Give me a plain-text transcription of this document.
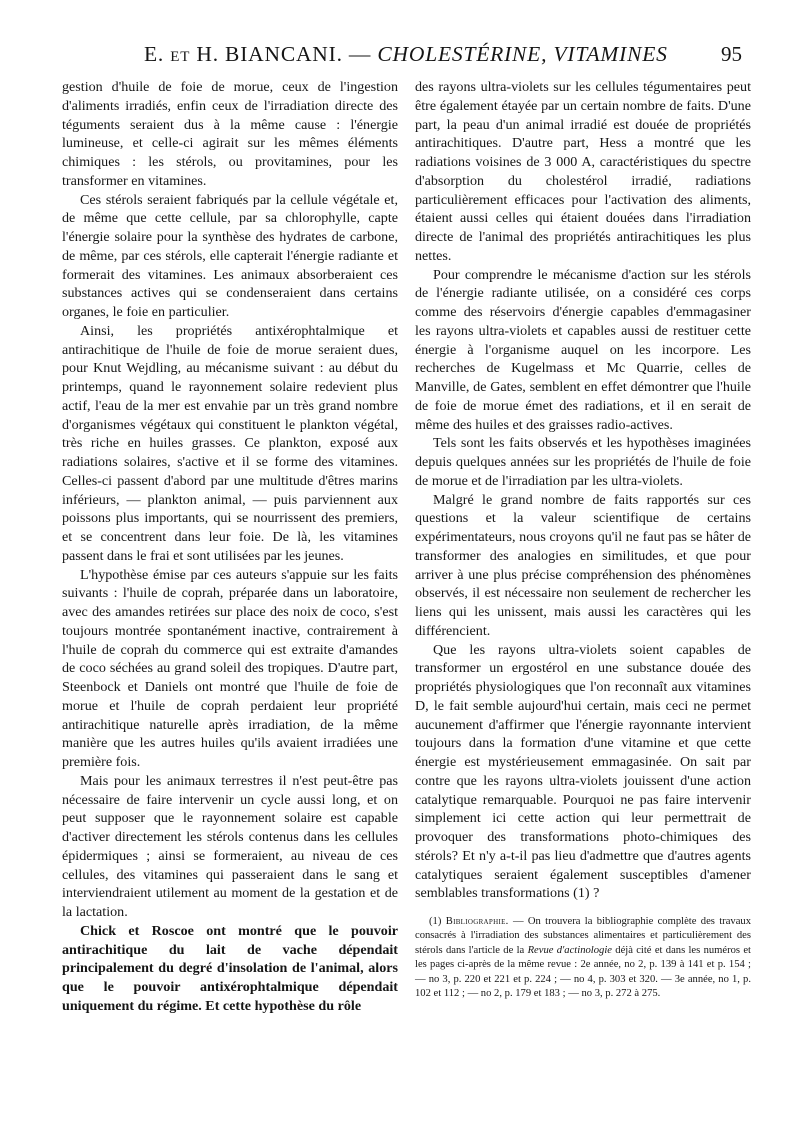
E. et H. BIANCANI. — CHOLESTÉRINE, VITAMINES	95

gestion d'huile de foie de morue, ceux de l'ingestion d'aliments irradiés, enfin ceux de l'irradiation directe des téguments seraient dus à la même cause : l'énergie lumineuse, et celle-ci agirait sur les mêmes éléments chimiques : les stérols, ou provitamines, pour les transformer en vitamines.

Ces stérols seraient fabriqués par la cellule végétale et, de même que cette cellule, par sa chlorophylle, capte l'énergie solaire pour la synthèse des hydrates de carbone, de même, par ces stérols, elle capterait l'énergie radiante et formerait des vitamines. Les animaux absorberaient ces substances actives qui se condenseraient dans certains organes, le foie en particulier.

Ainsi, les propriétés antixérophtalmique et antirachitique de l'huile de foie de morue seraient dues, pour Knut Wejdling, au mécanisme suivant : au début du printemps, quand le rayonnement solaire redevient plus actif, l'eau de la mer est envahie par un très grand nombre d'organismes végétaux qui constituent le plankton végétal, très riche en huiles grasses. Ce plankton, exposé aux radiations solaires, s'active et il se forme des vitamines. Celles-ci passent d'abord par une multitude d'êtres marins inférieurs, — plankton animal, — puis parviennent aux poissons plus importants, qui se nourrissent des premiers, et se concentrent dans leur foie. De là, les vitamines passent dans le frai et sont utilisées par les jeunes.

L'hypothèse émise par ces auteurs s'appuie sur les faits suivants : l'huile de coprah, préparée dans un laboratoire, avec des amandes retirées sur place des noix de coco, s'est toujours montrée spontanément inactive, contrairement à l'huile de coprah du commerce qui est extraite d'amandes de coco séchées au grand soleil des tropiques. D'autre part, Steenbock et Daniels ont montré que l'huile de foie de morue et l'huile de coprah perdaient leur propriété antirachitique naturelle après irradiation, de la même manière que les autres huiles qu'ils avaient irradiées une première fois.

Mais pour les animaux terrestres il n'est peut-être pas nécessaire de faire intervenir un cycle aussi long, et on peut supposer que le rayonnement solaire est capable d'activer directement les stérols contenus dans les cellules épidermiques ; ainsi se formeraient, au niveau de ces cellules, des vitamines qui passeraient dans le sang et interviendraient utilement au moment de la gestation et de la lactation.

Chick et Roscoe ont montré que le pouvoir antirachitique du lait de vache dépendait principalement du degré d'insolation de l'animal, alors que le pouvoir antixérophtalmique dépendait uniquement du régime. Et cette hypothèse du rôle

des rayons ultra-violets sur les cellules tégumentaires peut être également étayée par un certain nombre de faits. D'une part, la peau d'un animal irradié est douée de propriétés antirachitiques. D'autre part, Hess a montré que les radiations voisines de 3 000 A, caractéristiques du spectre d'absorption du cholestérol irradié, radiations particulièrement efficaces pour l'activation des aliments, étaient aussi celles qui étaient douées dans l'irradiation directe de l'animal des propriétés antirachitiques les plus nettes.

Pour comprendre le mécanisme d'action sur les stérols de l'énergie radiante utilisée, on a considéré ces corps comme des réservoirs d'énergie capables d'emmagasiner les rayons ultra-violets et capables aussi de restituer cette énergie à l'organisme auquel on les incorpore. Les recherches de Kugelmass et Mc Quarrie, celles de Manville, de Gates, semblent en effet démontrer que l'huile de foie de morue émet des radiations, et il en serait de même des huiles et des graisses radio-actives.

Tels sont les faits observés et les hypothèses imaginées depuis quelques années sur les propriétés de l'huile de foie de morue et de l'irradiation par les ultra-violets.

Malgré le grand nombre de faits rapportés sur ces questions et la valeur scientifique de certains expérimentateurs, nous croyons qu'il ne faut pas se hâter de transformer des analogies en similitudes, et que pour arriver à une plus précise compréhension des phénomènes observés, il est nécessaire non seulement de rechercher les liens qui les unissent, mais aussi les caractères qui les différencient.

Que les rayons ultra-violets soient capables de transformer un ergostérol en une substance douée des propriétés physiologiques que l'on reconnaît aux vitamines D, le fait semble aujourd'hui certain, mais ceci ne permet aucunement d'affirmer que l'énergie rayonnante intervient toujours dans la formation d'une vitamine et que cette énergie est mystérieusement emmagasinée. On sait par contre que les rayons ultra-violets jouissent d'une action catalytique remarquable. Pourquoi ne pas faire intervenir simplement ici cette action qui leur permettrait de provoquer des transformations photo-chimiques des stérols? Et n'y a-t-il pas lieu d'admettre que d'autres agents catalytiques seraient également susceptibles d'amener semblables transformations (1) ?

(1) Bibliographie. — On trouvera la bibliographie complète des travaux consacrés à l'irradiation des substances alimentaires et particulièrement des stérols dans l'article de la Revue d'actinologie déjà cité et dans les numéros et les pages ci-après de la même revue : 2e année, no 2, p. 139 à 141 et p. 154 ; — no 3, p. 220 et 221 et p. 224 ; — no 4, p. 303 et 320. — 3e année, no 1, p. 102 et 112 ; — no 2, p. 179 et 183 ; — no 3, p. 272 à 275.
